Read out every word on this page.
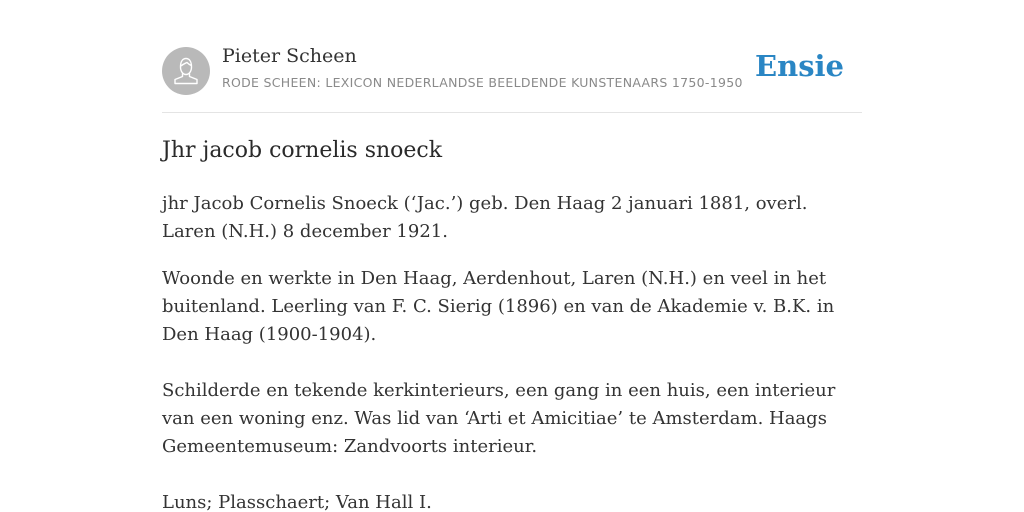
Pieter Scheen
RODE SCHEEN: LEXICON NEDERLANDSE BEELDENDE KUNSTENAARS 1750-1950 Ensie
Jhr jacob cornelis snoeck

jhr Jacob Cornelis Snoeck (‘Jac.’) geb. Den Haag 2 januari 1881, overl. Laren (N.H.) 8 december 1921.

Woonde en werkte in Den Haag, Aerdenhout, Laren (N.H.) en veel in het buitenland. Leerling van F. C. Sierig (1896) en van de Akademie v. B.K. in Den Haag (1900-1904).

Schilderde en tekende kerkinterieurs, een gang in een huis, een interieur van een woning enz. Was lid van ‘Arti et Amicitiae’ te Amsterdam. Haags Gemeentemuseum: Zandvoorts interieur.

Luns; Plasschaert; Van Hall I.
